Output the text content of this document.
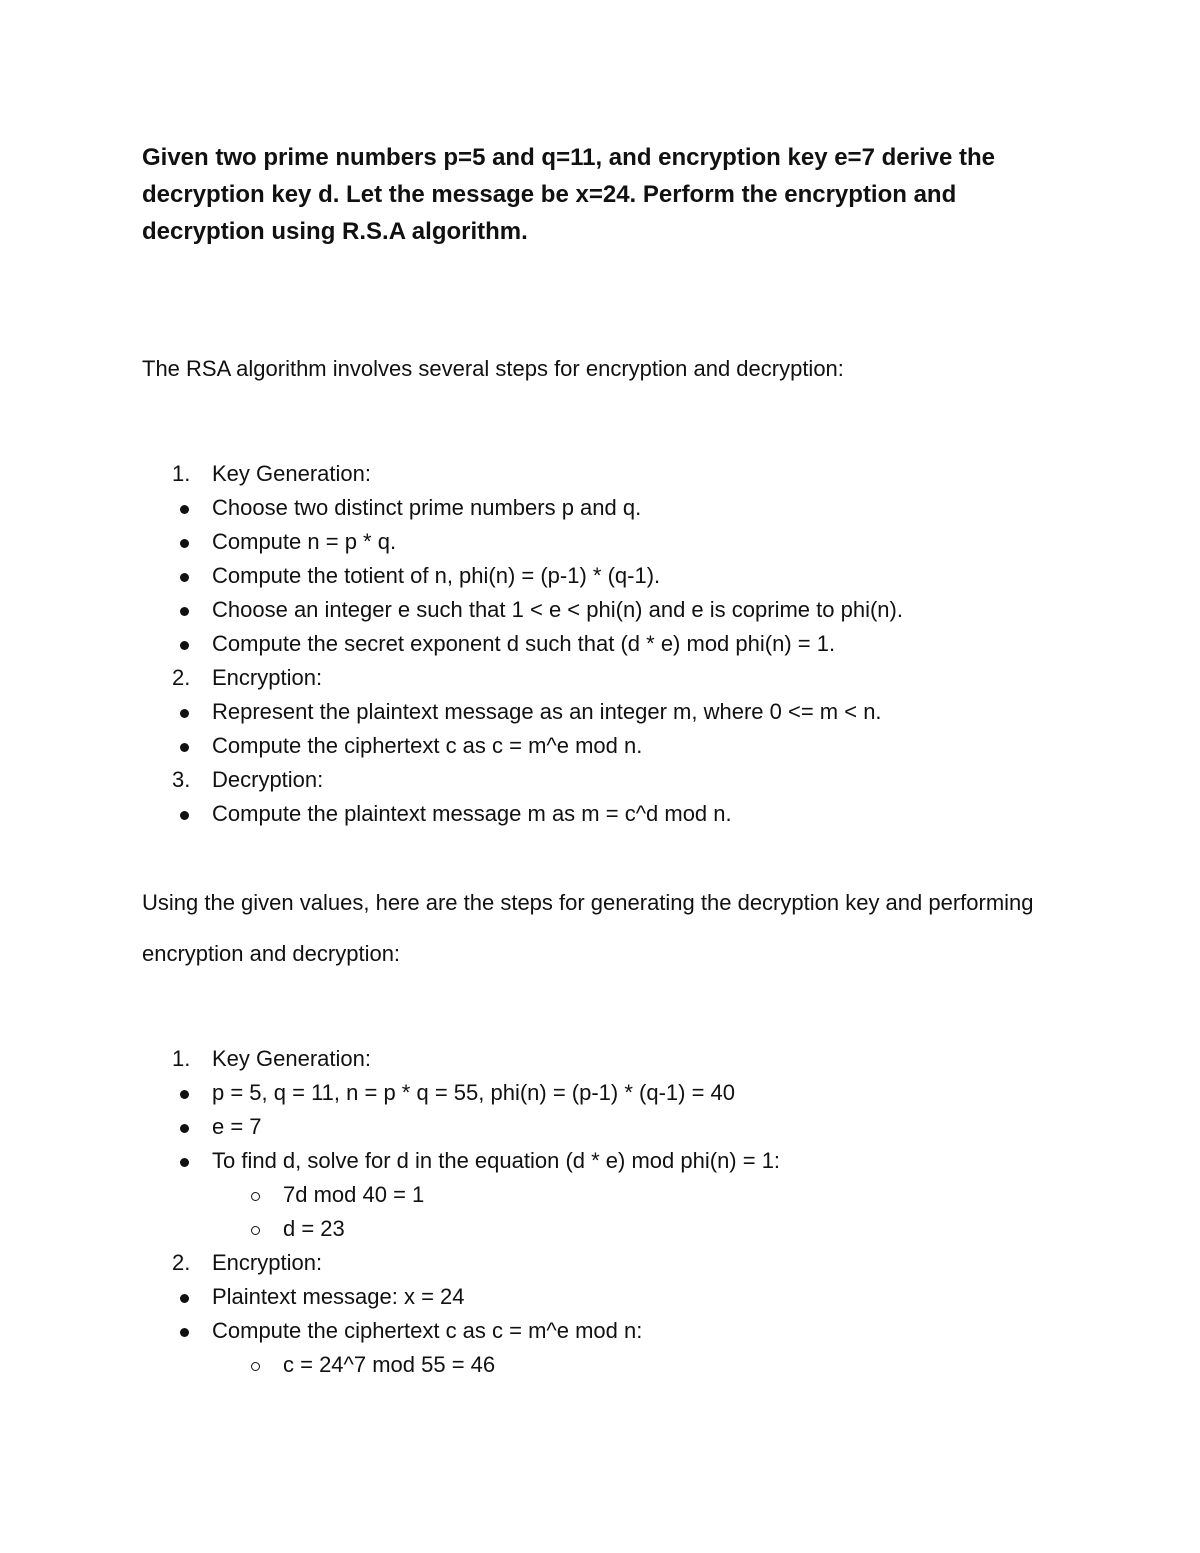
Given two prime numbers p=5 and q=11, and encryption key e=7 derive the decryption key d. Let the message be x=24. Perform the encryption and decryption using R.S.A algorithm.

The RSA algorithm involves several steps for encryption and decryption:

1. Key Generation:
Choose two distinct prime numbers p and q.
Compute n = p * q.
Compute the totient of n, phi(n) = (p-1) * (q-1).
Choose an integer e such that 1 < e < phi(n) and e is coprime to phi(n).
Compute the secret exponent d such that (d * e) mod phi(n) = 1.
2. Encryption:
Represent the plaintext message as an integer m, where 0 <= m < n.
Compute the ciphertext c as c = m^e mod n.
3. Decryption:
Compute the plaintext message m as m = c^d mod n.

Using the given values, here are the steps for generating the decryption key and performing encryption and decryption:

1. Key Generation:
p = 5, q = 11, n = p * q = 55, phi(n) = (p-1) * (q-1) = 40
e = 7
To find d, solve for d in the equation (d * e) mod phi(n) = 1:
7d mod 40 = 1
d = 23
2. Encryption:
Plaintext message: x = 24
Compute the ciphertext c as c = m^e mod n:
c = 24^7 mod 55 = 46
